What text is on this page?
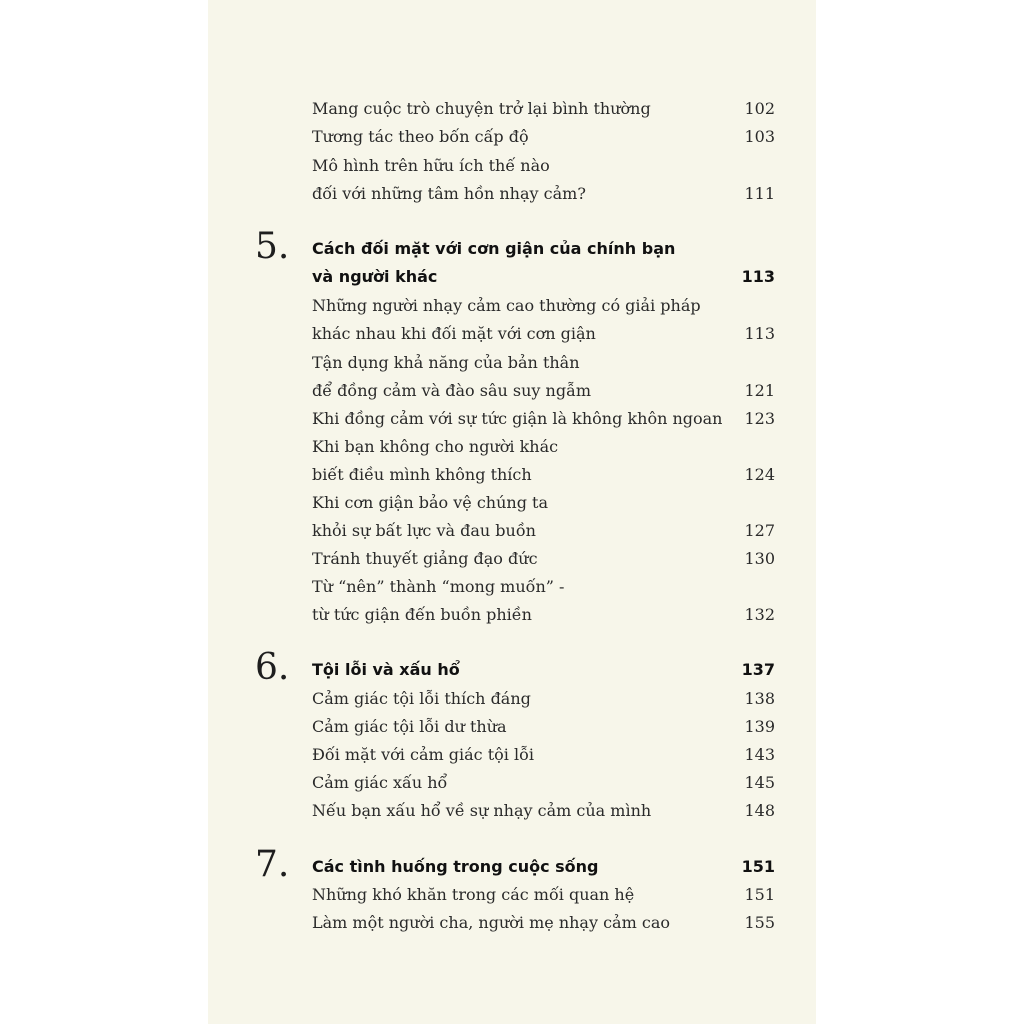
Mang cuộc trò chuyện trở lại bình thường	102
Tương tác theo bốn cấp độ	103
Mô hình trên hữu ích thế nào
đối với những tâm hồn nhạy cảm?	111
5. Cách đối mặt với cơn giận của chính bạn
và người khác	113
Những người nhạy cảm cao thường có giải pháp
khác nhau khi đối mặt với cơn giận	113
Tận dụng khả năng của bản thân
để đồng cảm và đào sâu suy ngẫm	121
Khi đồng cảm với sự tức giận là không khôn ngoan 123
Khi bạn không cho người khác
biết điều mình không thích	124
Khi cơn giận bảo vệ chúng ta
khỏi sự bất lực và đau buồn	127
Tránh thuyết giảng đạo đức	130
Từ “nên” thành “mong muốn” -
từ tức giận đến buồn phiền	132
6. Tội lỗi và xấu hổ	137
Cảm giác tội lỗi thích đáng	138
Cảm giác tội lỗi dư thừa	139
Đối mặt với cảm giác tội lỗi	143
Cảm giác xấu hổ	145
Nếu bạn xấu hổ về sự nhạy cảm của mình	148
7. Các tình huống trong cuộc sống	151
Những khó khăn trong các mối quan hệ	151
Làm một người cha, người mẹ nhạy cảm cao	155
